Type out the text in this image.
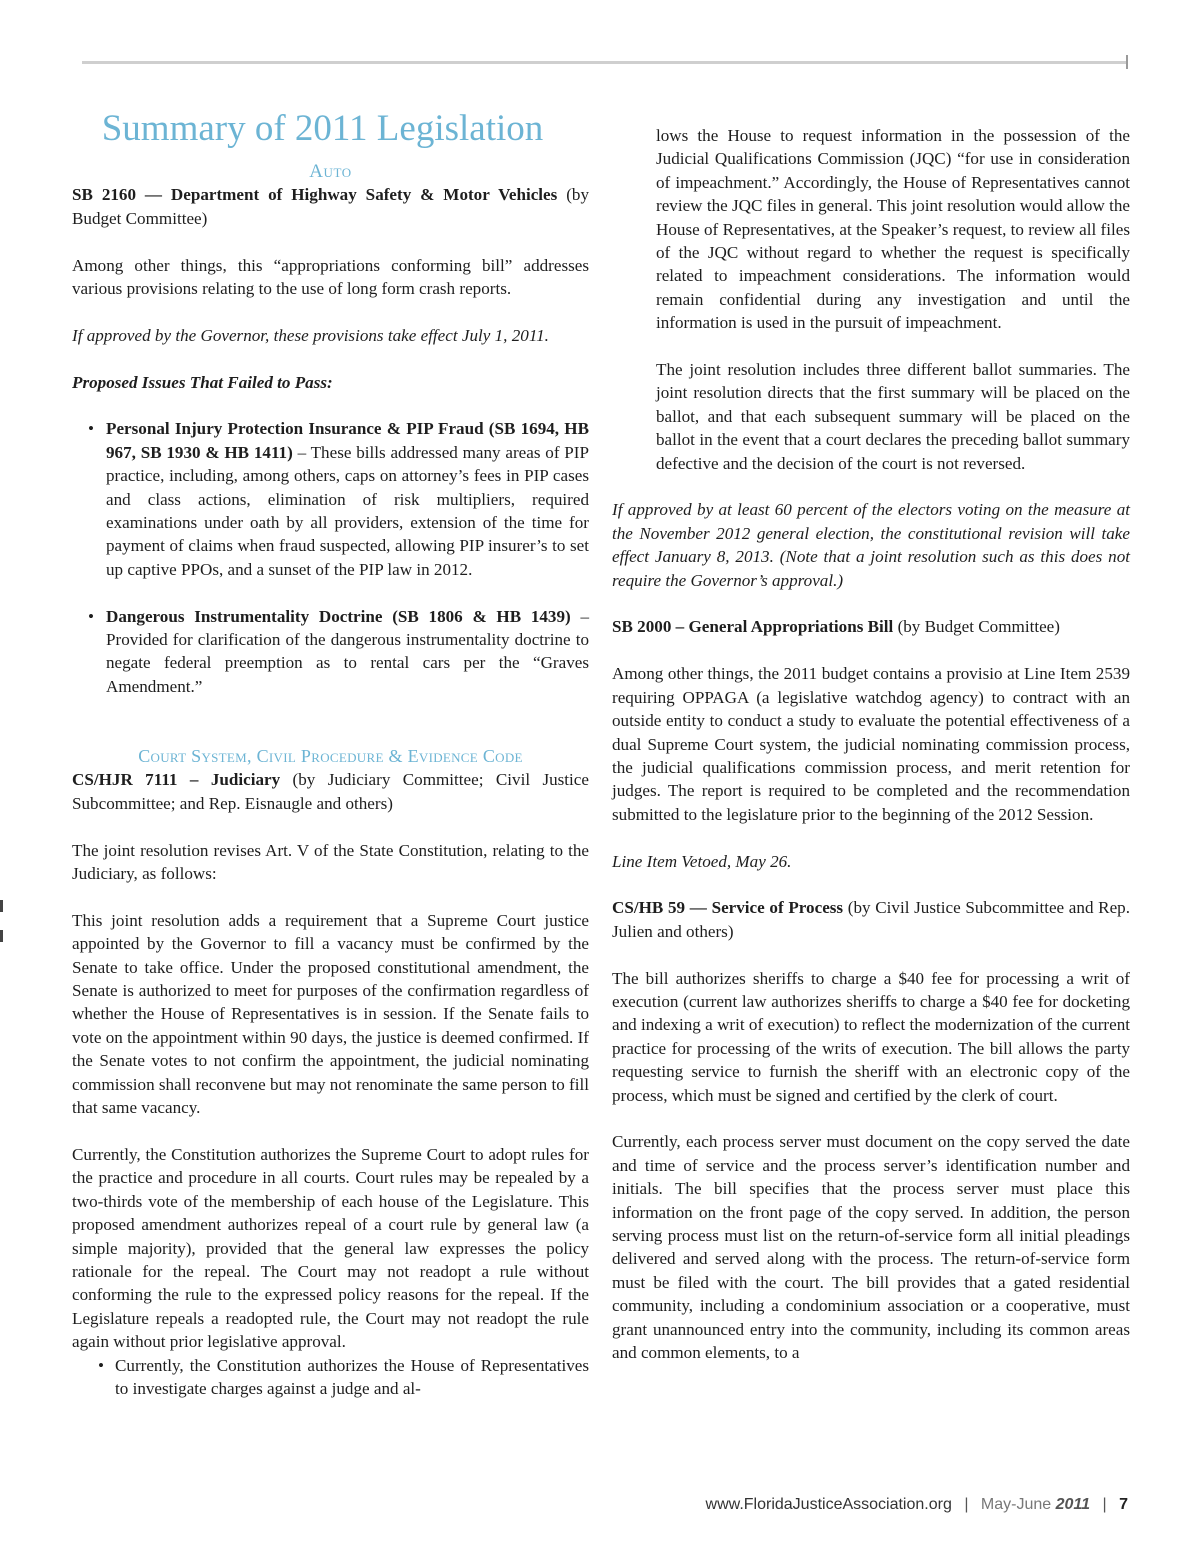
Summary of 2011 Legislation
Auto

SB 2160 — Department of Highway Safety & Motor Vehicles (by Budget Committee)

Among other things, this “appropriations conforming bill” addresses various provisions relating to the use of long form crash reports.

If approved by the Governor, these provisions take effect July 1, 2011.

Proposed Issues That Failed to Pass:

• Personal Injury Protection Insurance & PIP Fraud (SB 1694, HB 967, SB 1930 & HB 1411) – These bills addressed many areas of PIP practice, including, among others, caps on attorney’s fees in PIP cases and class actions, elimination of risk multipliers, required examinations under oath by all providers, extension of the time for payment of claims when fraud suspected, allowing PIP insurer’s to set up captive PPOs, and a sunset of the PIP law in 2012.
• Dangerous Instrumentality Doctrine (SB 1806 & HB 1439) – Provided for clarification of the dangerous instrumentality doctrine to negate federal preemption as to rental cars per the “Graves Amendment.”
Court System, Civil Procedure & Evidence Code

CS/HJR 7111 – Judiciary (by Judiciary Committee; Civil Justice Subcommittee; and Rep. Eisnaugle and others)

The joint resolution revises Art. V of the State Constitution, relating to the Judiciary, as follows:

This joint resolution adds a requirement that a Supreme Court justice appointed by the Governor to fill a vacancy must be confirmed by the Senate to take office. Under the proposed constitutional amendment, the Senate is authorized to meet for purposes of the confirmation regardless of whether the House of Representatives is in session. If the Senate fails to vote on the appointment within 90 days, the justice is deemed confirmed. If the Senate votes to not confirm the appointment, the judicial nominating commission shall reconvene but may not renominate the same person to fill that same vacancy.

Currently, the Constitution authorizes the Supreme Court to adopt rules for the practice and procedure in all courts. Court rules may be repealed by a two-thirds vote of the membership of each house of the Legislature. This proposed amendment authorizes repeal of a court rule by general law (a simple majority), provided that the general law expresses the policy rationale for the repeal. The Court may not readopt a rule without conforming the rule to the expressed policy reasons for the repeal. If the Legislature repeals a readopted rule, the Court may not readopt the rule again without prior legislative approval.

• Currently, the Constitution authorizes the House of Representatives to investigate charges against a judge and al-

lows the House to request information in the possession of the Judicial Qualifications Commission (JQC) “for use in consideration of impeachment.” Accordingly, the House of Representatives cannot review the JQC files in general. This joint resolution would allow the House of Representatives, at the Speaker’s request, to review all files of the JQC without regard to whether the request is specifically related to impeachment considerations. The information would remain confidential during any investigation and until the information is used in the pursuit of impeachment.

The joint resolution includes three different ballot summaries. The joint resolution directs that the first summary will be placed on the ballot, and that each subsequent summary will be placed on the ballot in the event that a court declares the preceding ballot summary defective and the decision of the court is not reversed.

If approved by at least 60 percent of the electors voting on the measure at the November 2012 general election, the constitutional revision will take effect January 8, 2013. (Note that a joint resolution such as this does not require the Governor’s approval.)

SB 2000 – General Appropriations Bill (by Budget Committee)

Among other things, the 2011 budget contains a provisio at Line Item 2539 requiring OPPAGA (a legislative watchdog agency) to contract with an outside entity to conduct a study to evaluate the potential effectiveness of a dual Supreme Court system, the judicial nominating commission process, the judicial qualifications commission process, and merit retention for judges. The report is required to be completed and the recommendation submitted to the legislature prior to the beginning of the 2012 Session.

Line Item Vetoed, May 26.

CS/HB 59 — Service of Process (by Civil Justice Subcommittee and Rep. Julien and others)

The bill authorizes sheriffs to charge a $40 fee for processing a writ of execution (current law authorizes sheriffs to charge a $40 fee for docketing and indexing a writ of execution) to reflect the modernization of the current practice for processing of the writs of execution. The bill allows the party requesting service to furnish the sheriff with an electronic copy of the process, which must be signed and certified by the clerk of court.

Currently, each process server must document on the copy served the date and time of service and the process server’s identification number and initials. The bill specifies that the process server must place this information on the front page of the copy served. In addition, the person serving process must list on the return-of-service form all initial pleadings delivered and served along with the process. The return-of-service form must be filed with the court. The bill provides that a gated residential community, including a condominium association or a cooperative, must grant unannounced entry into the community, including its common areas and common elements, to a

www.FloridaJusticeAssociation.org | May-June 2011 | 7
